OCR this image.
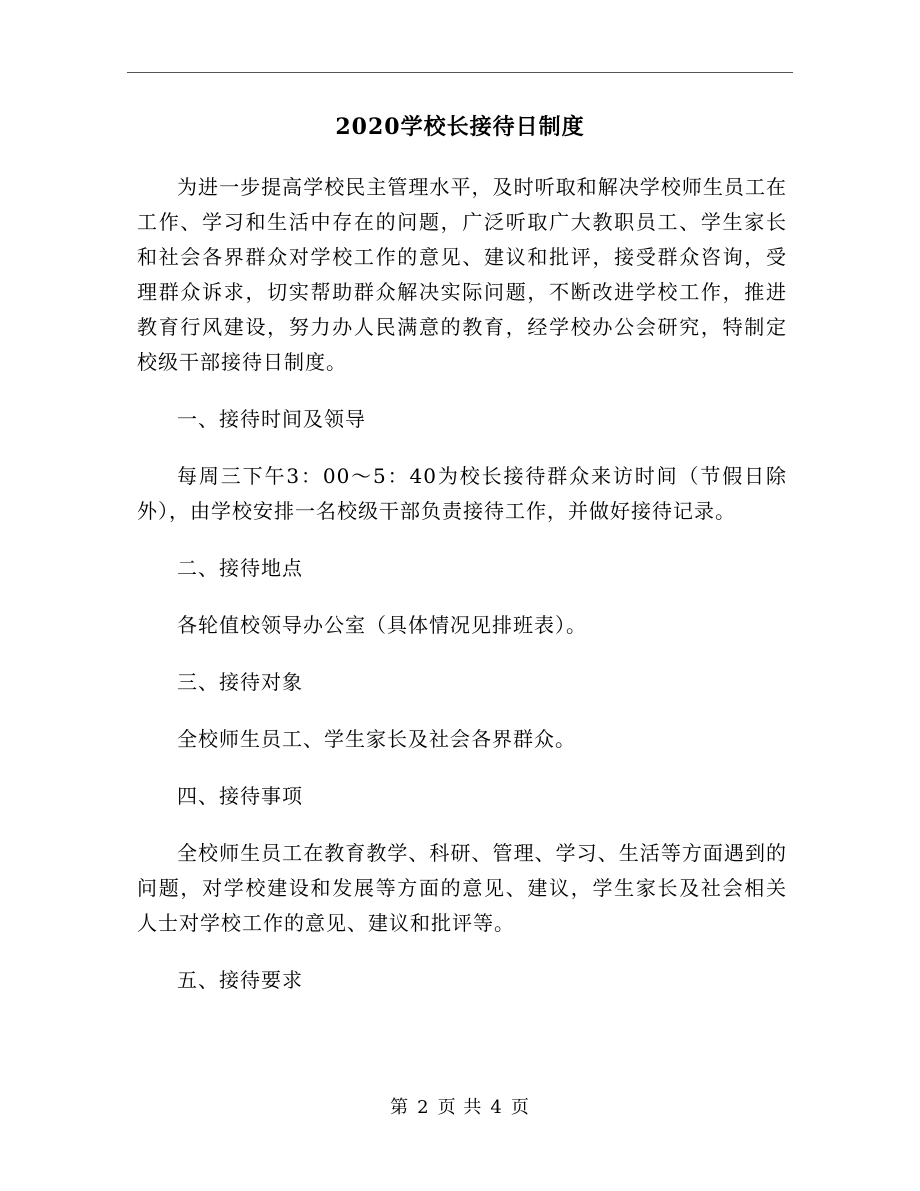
2020学校长接待日制度

为进一步提高学校民主管理水平，及时听取和解决学校师生员工在工作、学习和生活中存在的问题，广泛听取广大教职员工、学生家长和社会各界群众对学校工作的意见、建议和批评，接受群众咨询，受理群众诉求，切实帮助群众解决实际问题，不断改进学校工作，推进教育行风建设，努力办人民满意的教育，经学校办公会研究，特制定校级干部接待日制度。

一、接待时间及领导

每周三下午3：00～5：40为校长接待群众来访时间（节假日除外），由学校安排一名校级干部负责接待工作，并做好接待记录。

二、接待地点

各轮值校领导办公室（具体情况见排班表）。

三、接待对象

全校师生员工、学生家长及社会各界群众。

四、接待事项

全校师生员工在教育教学、科研、管理、学习、生活等方面遇到的问题，对学校建设和发展等方面的意见、建议，学生家长及社会相关人士对学校工作的意见、建议和批评等。

五、接待要求

第 2 页 共 4 页
